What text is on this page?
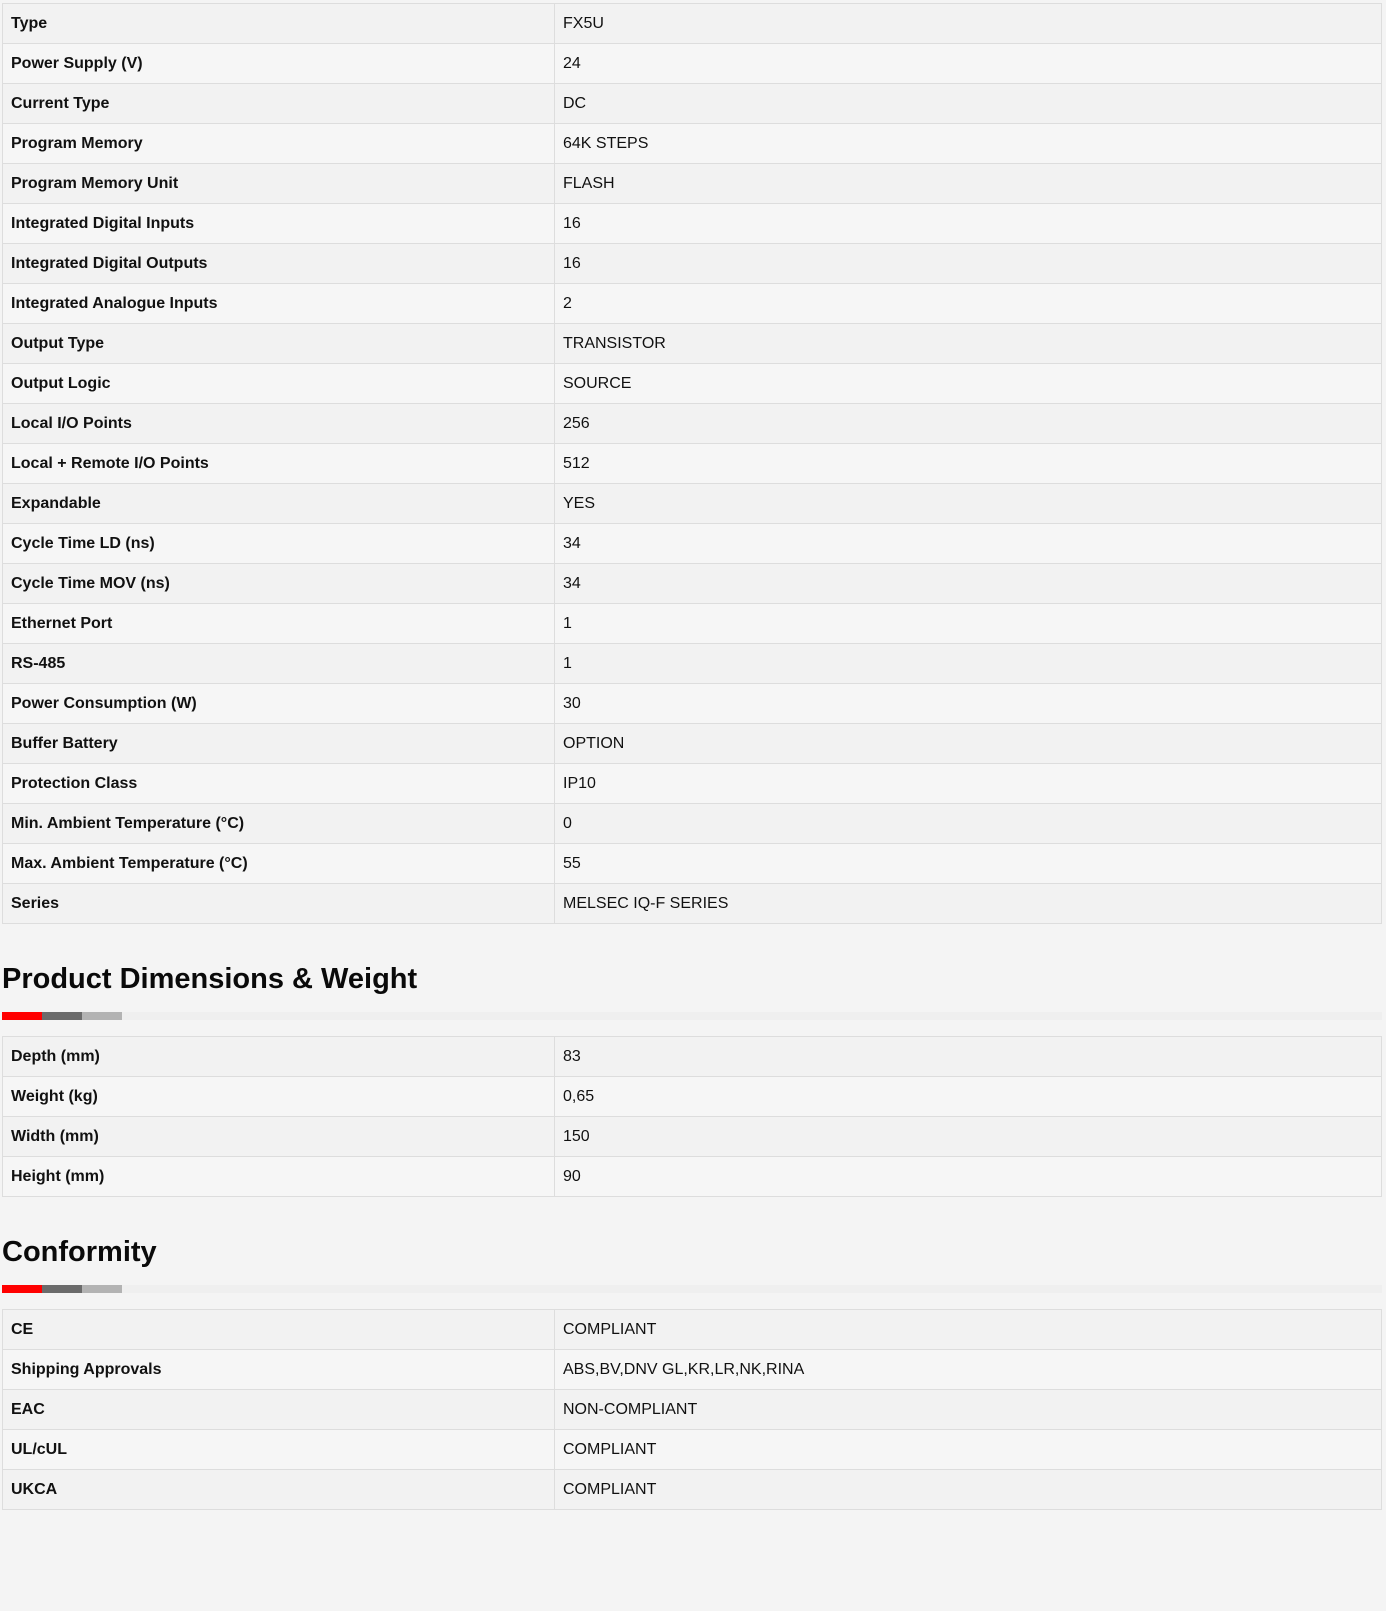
Type	FX5U
Power Supply (V)	24
Current Type	DC
Program Memory	64K STEPS
Program Memory Unit	FLASH
Integrated Digital Inputs	16
Integrated Digital Outputs	16
Integrated Analogue Inputs	2
Output Type	TRANSISTOR
Output Logic	SOURCE
Local I/O Points	256
Local + Remote I/O Points	512
Expandable	YES
Cycle Time LD (ns)	34
Cycle Time MOV (ns)	34
Ethernet Port	1
RS-485	1
Power Consumption (W)	30
Buffer Battery	OPTION
Protection Class	IP10
Min. Ambient Temperature (°C)	0
Max. Ambient Temperature (°C)	55
Series	MELSEC IQ-F SERIES
Product Dimensions & Weight
Depth (mm)	83
Weight (kg)	0,65
Width (mm)	150
Height (mm)	90
Conformity
CE	COMPLIANT
Shipping Approvals	ABS,BV,DNV GL,KR,LR,NK,RINA
EAC	NON-COMPLIANT
UL/cUL	COMPLIANT
UKCA	COMPLIANT
